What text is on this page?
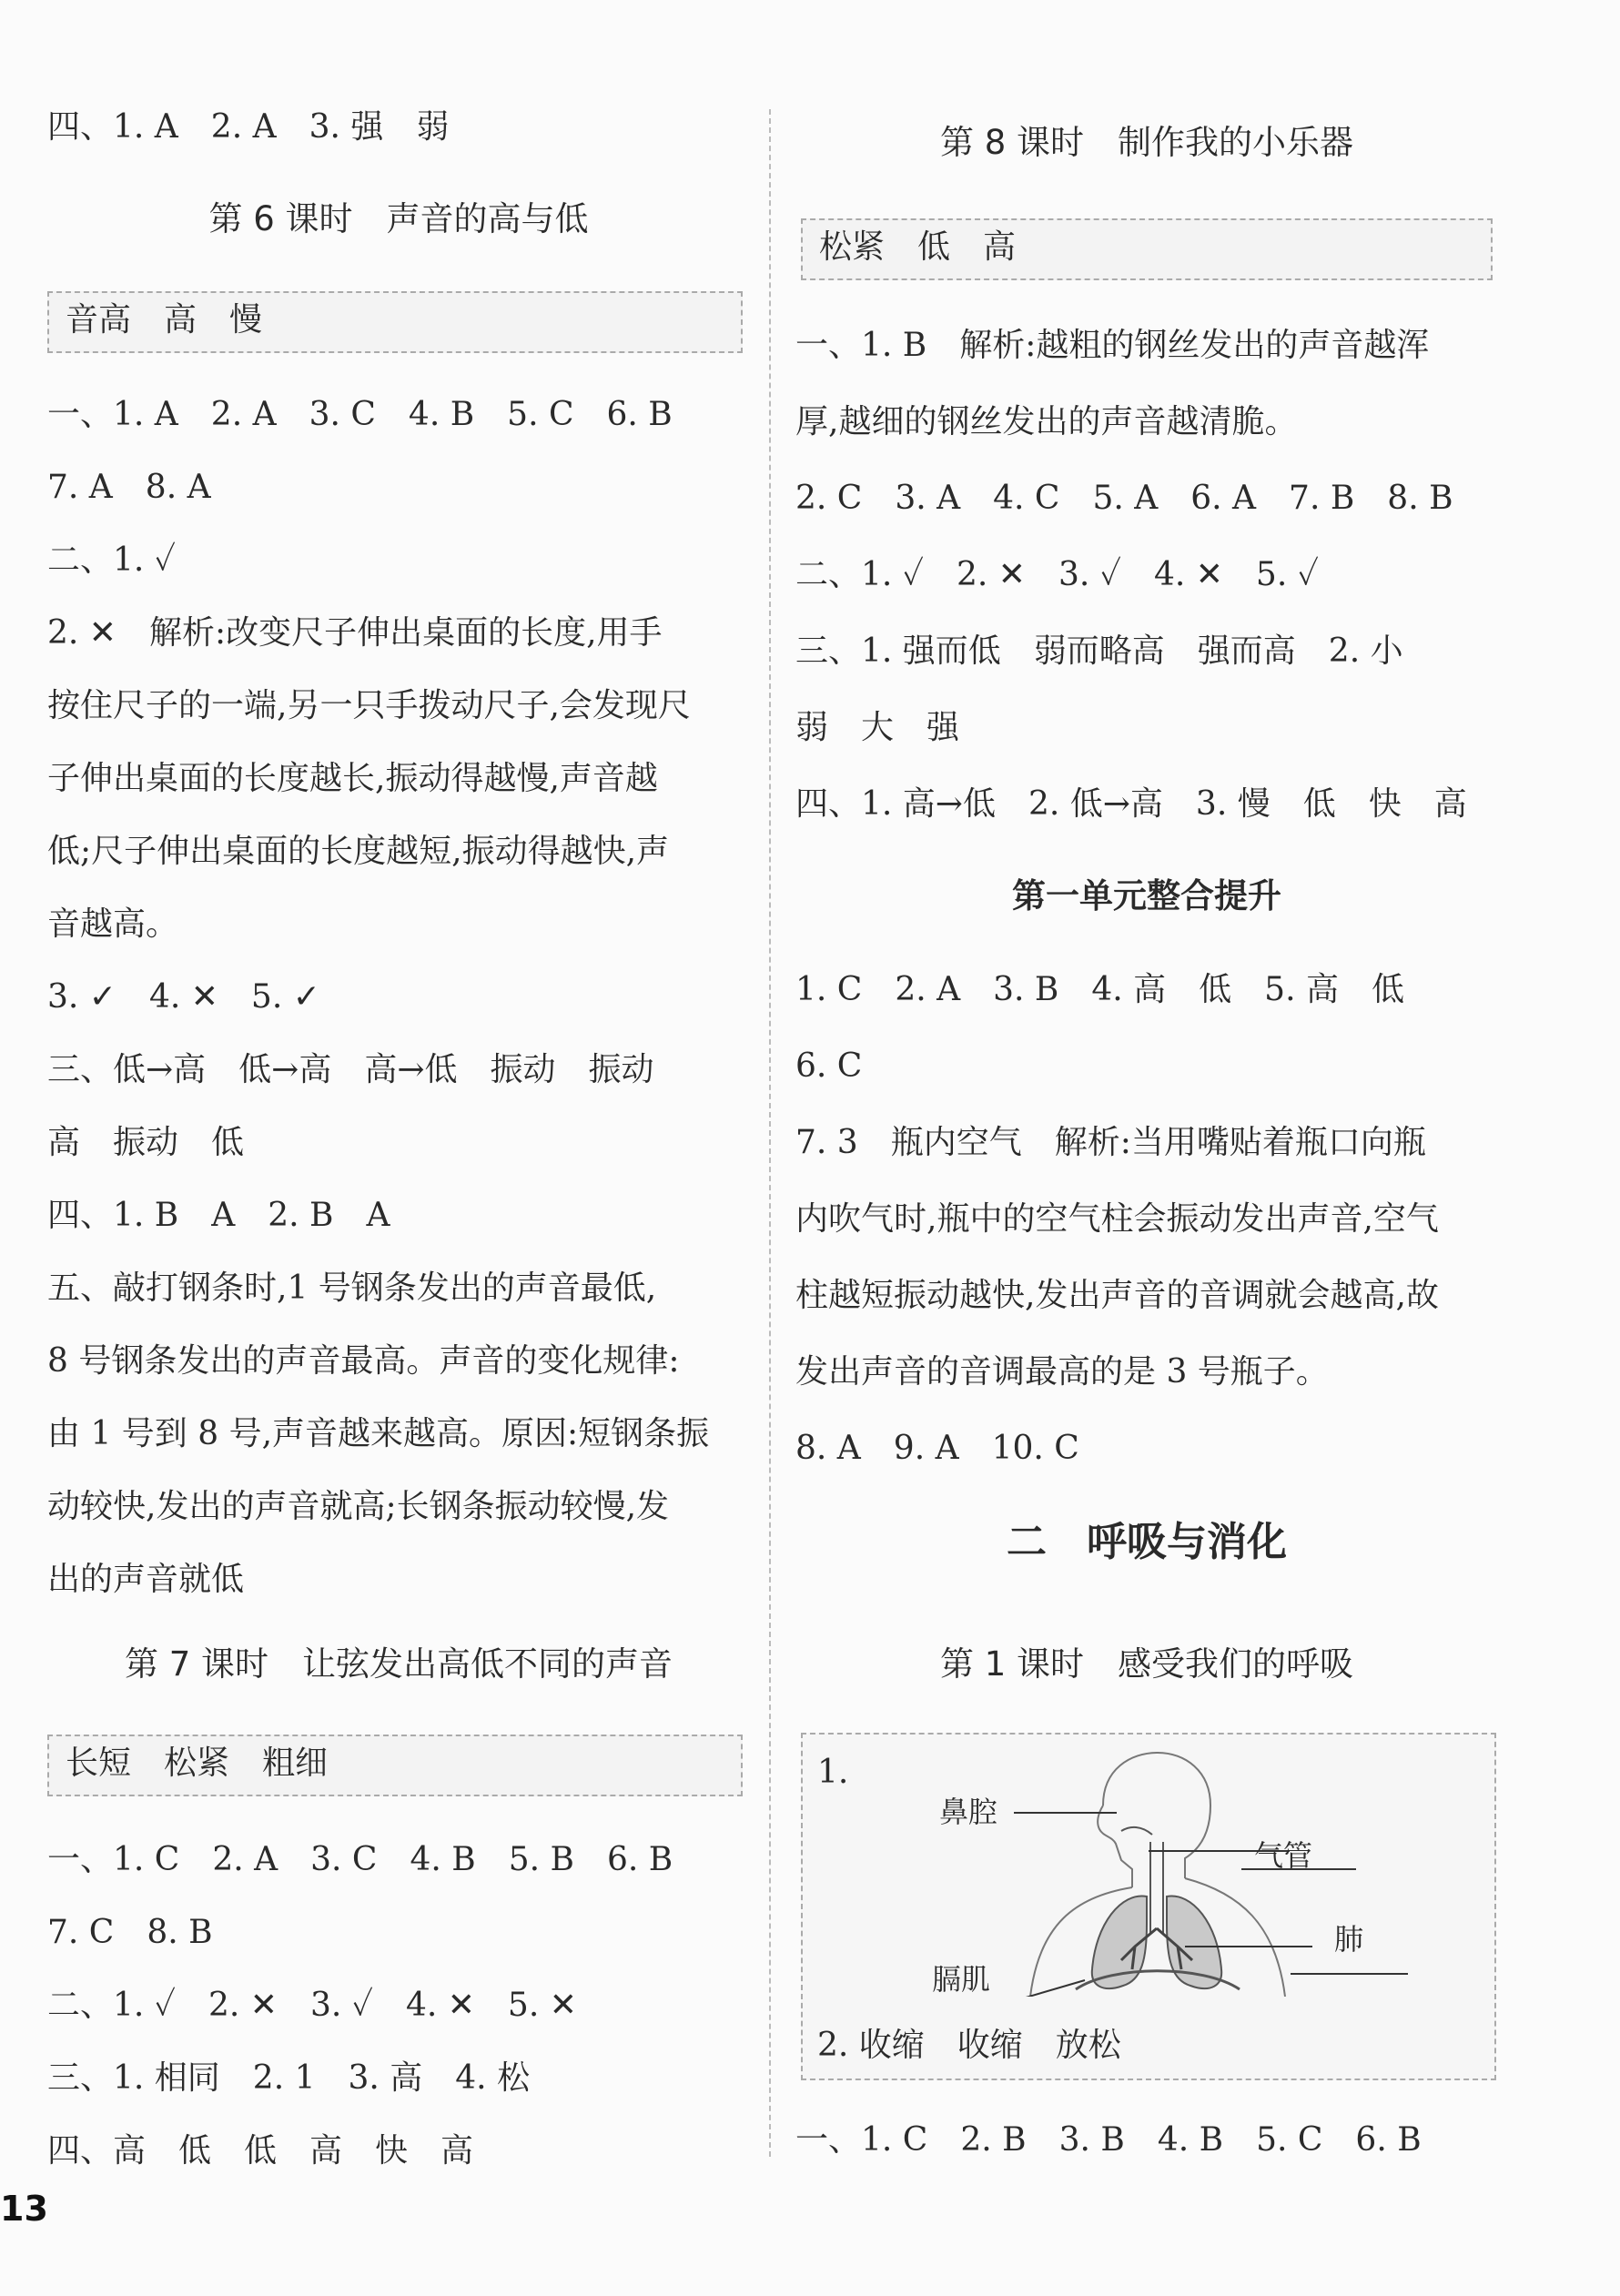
四、1. A　2. A　3. 强　弱
第 6 课时　声音的高与低
音高　高　慢
一、1. A　2. A　3. C　4. B　5. C　6. B
7. A　8. A
二、1. ✓
2. ✕　解析:改变尺子伸出桌面的长度,用手
按住尺子的一端,另一只手拨动尺子,会发现尺
子伸出桌面的长度越长,振动得越慢,声音越
低;尺子伸出桌面的长度越短,振动得越快,声
音越高。
3. ✓　4. ✕　5. ✓
三、低→高　低→高　高→低　振动　振动
高　振动　低
四、1. B　A　2. B　A
五、敲打钢条时,1 号钢条发出的声音最低,
8 号钢条发出的声音最高。声音的变化规律:
由 1 号到 8 号,声音越来越高。原因:短钢条振
动较快,发出的声音就高;长钢条振动较慢,发
出的声音就低
第 7 课时　让弦发出高低不同的声音
长短　松紧　粗细
一、1. C　2. A　3. C　4. B　5. B　6. B
7. C　8. B
二、1. ✓　2. ✕　3. ✓　4. ✕　5. ✕
三、1. 相同　2. 1　3. 高　4. 松
四、高　低　低　高　快　高
第 8 课时　制作我的小乐器
松紧　低　高
一、1. B　解析:越粗的钢丝发出的声音越浑
厚,越细的钢丝发出的声音越清脆。
2. C　3. A　4. C　5. A　6. A　7. B　8. B
二、1. ✓　2. ✕　3. ✓　4. ✕　5. ✓
三、1. 强而低　弱而略高　强而高　2. 小
弱　大　强
四、1. 高→低　2. 低→高　3. 慢　低　快　高
第一单元整合提升
1. C　2. A　3. B　4. 高　低　5. 高　低
6. C
7. 3　瓶内空气　解析:当用嘴贴着瓶口向瓶
内吹气时,瓶中的空气柱会振动发出声音,空气
柱越短振动越快,发出声音的音调就会越高,故
发出声音的音调最高的是 3 号瓶子。
8. A　9. A　10. C
二　呼吸与消化
第 1 课时　感受我们的呼吸
1.
鼻腔
气管
肺
膈肌
2. 收缩　收缩　放松
一、1. C　2. B　3. B　4. B　5. C　6. B
13
